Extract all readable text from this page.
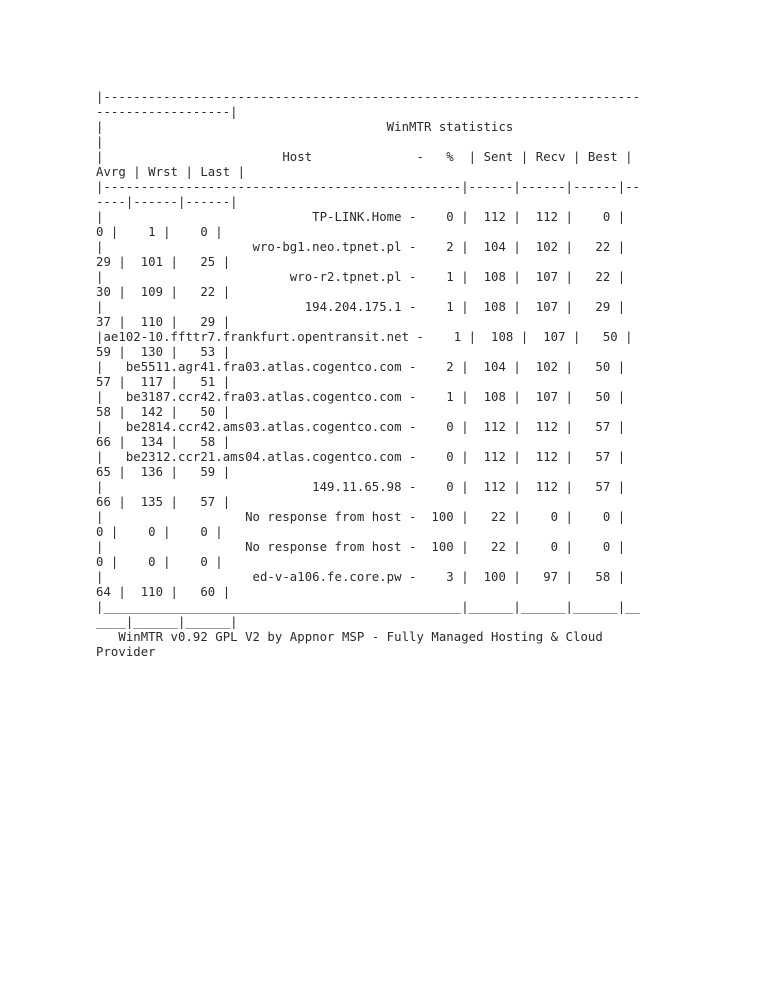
|------------------------------------------------------------------------
------------------|
|                                      WinMTR statistics
|
|                        Host              -   %  | Sent | Recv | Best |
Avrg | Wrst | Last |
|------------------------------------------------|------|------|------|--
----|------|------|
|                            TP-LINK.Home -    0 |  112 |  112 |    0 |
0 |    1 |    0 |
|                    wro-bg1.neo.tpnet.pl -    2 |  104 |  102 |   22 |
29 |  101 |   25 |
|                         wro-r2.tpnet.pl -    1 |  108 |  107 |   22 |
30 |  109 |   22 |
|                           194.204.175.1 -    1 |  108 |  107 |   29 |
37 |  110 |   29 |
|ae102-10.ffttr7.frankfurt.opentransit.net -    1 |  108 |  107 |   50 |
59 |  130 |   53 |
|   be5511.agr41.fra03.atlas.cogentco.com -    2 |  104 |  102 |   50 |
57 |  117 |   51 |
|   be3187.ccr42.fra03.atlas.cogentco.com -    1 |  108 |  107 |   50 |
58 |  142 |   50 |
|   be2814.ccr42.ams03.atlas.cogentco.com -    0 |  112 |  112 |   57 |
66 |  134 |   58 |
|   be2312.ccr21.ams04.atlas.cogentco.com -    0 |  112 |  112 |   57 |
65 |  136 |   59 |
|                            149.11.65.98 -    0 |  112 |  112 |   57 |
66 |  135 |   57 |
|                   No response from host -  100 |   22 |    0 |    0 |
0 |    0 |    0 |
|                   No response from host -  100 |   22 |    0 |    0 |
0 |    0 |    0 |
|                    ed-v-a106.fe.core.pw -    3 |  100 |   97 |   58 |
64 |  110 |   60 |
|________________________________________________|______|______|______|__
____|______|______|
WinMTR v0.92 GPL V2 by Appnor MSP - Fully Managed Hosting & Cloud
Provider
